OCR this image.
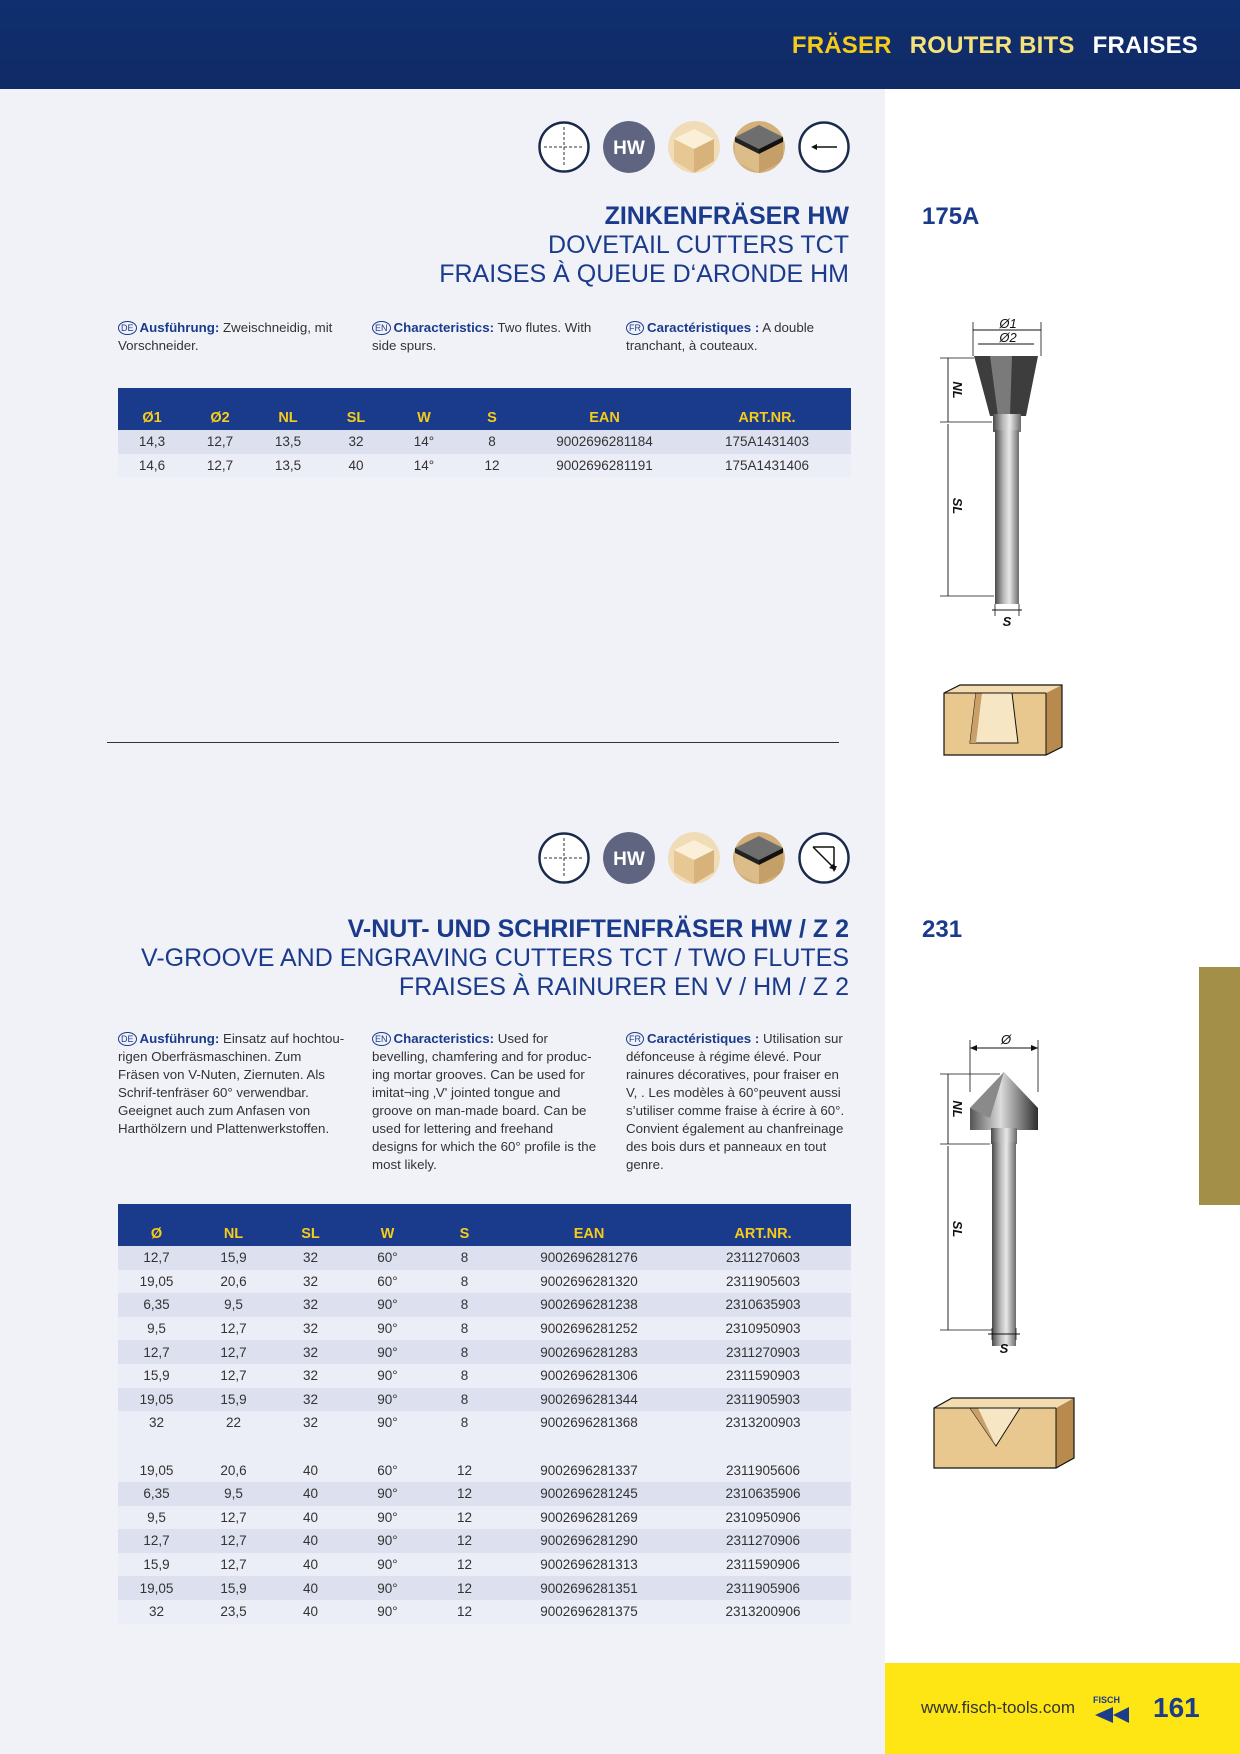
FRÄSER ROUTER BITS FRAISES
HW
ZINKENFRÄSER HW
DOVETAIL CUTTERS TCT
FRAISES À QUEUE D‘ARONDE HM
175A
DE Ausführung: Zweischneidig, mit Vorschneider.
EN Characteristics: Two flutes. With side spurs.
FR Caractéristiques : A double tranchant, à couteaux.
Ø1	Ø2	NL	SL	W	S	EAN	ART.NR.
14,3	12,7	13,5	32	14°	8	9002696281184	175A1431403
14,6	12,7	13,5	40	14°	12	9002696281191	175A1431406
Ø1
Ø2
NL
SL
S
HW
V-NUT- UND SCHRIFTENFRÄSER HW / Z 2
V-GROOVE AND ENGRAVING CUTTERS TCT / TWO FLUTES
FRAISES À RAINURER EN V / HM / Z 2
231
DE Ausführung: Einsatz auf hochtou-rigen Oberfräsmaschinen. Zum Fräsen von V-Nuten, Ziernuten. Als Schrif-tenfräser 60° verwendbar. Geeignet auch zum Anfasen von Harthölzern und Plattenwerkstoffen.
EN Characteristics: Used for bevelling, chamfering and for produc-ing mortar grooves. Can be used for imitat¬ing ‚V' jointed tongue and groove on man-made board. Can be used for lettering and freehand designs for which the 60° profile is the most likely.
FR Caractéristiques : Utilisation sur défonceuse à régime élevé. Pour rainures décoratives, pour fraiser en V, . Les modèles à 60°peuvent aussi s’utiliser comme fraise à écrire à 60°. Convient également au chanfreinage des bois durs et panneaux en tout genre.
Ø	NL	SL	W	S	EAN	ART.NR.
12,7	15,9	32	60°	8	9002696281276	2311270603
19,05	20,6	32	60°	8	9002696281320	2311905603
6,35	9,5	32	90°	8	9002696281238	2310635903
9,5	12,7	32	90°	8	9002696281252	2310950903
12,7	12,7	32	90°	8	9002696281283	2311270903
15,9	12,7	32	90°	8	9002696281306	2311590903
19,05	15,9	32	90°	8	9002696281344	2311905903
32	22	32	90°	8	9002696281368	2313200903

19,05	20,6	40	60°	12	9002696281337	2311905606
6,35	9,5	40	90°	12	9002696281245	2310635906
9,5	12,7	40	90°	12	9002696281269	2310950906
12,7	12,7	40	90°	12	9002696281290	2311270906
15,9	12,7	40	90°	12	9002696281313	2311590906
19,05	15,9	40	90°	12	9002696281351	2311905906
32	23,5	40	90°	12	9002696281375	2313200906
Ø
NL
SL
S
www.fisch-tools.com FISCH 161
